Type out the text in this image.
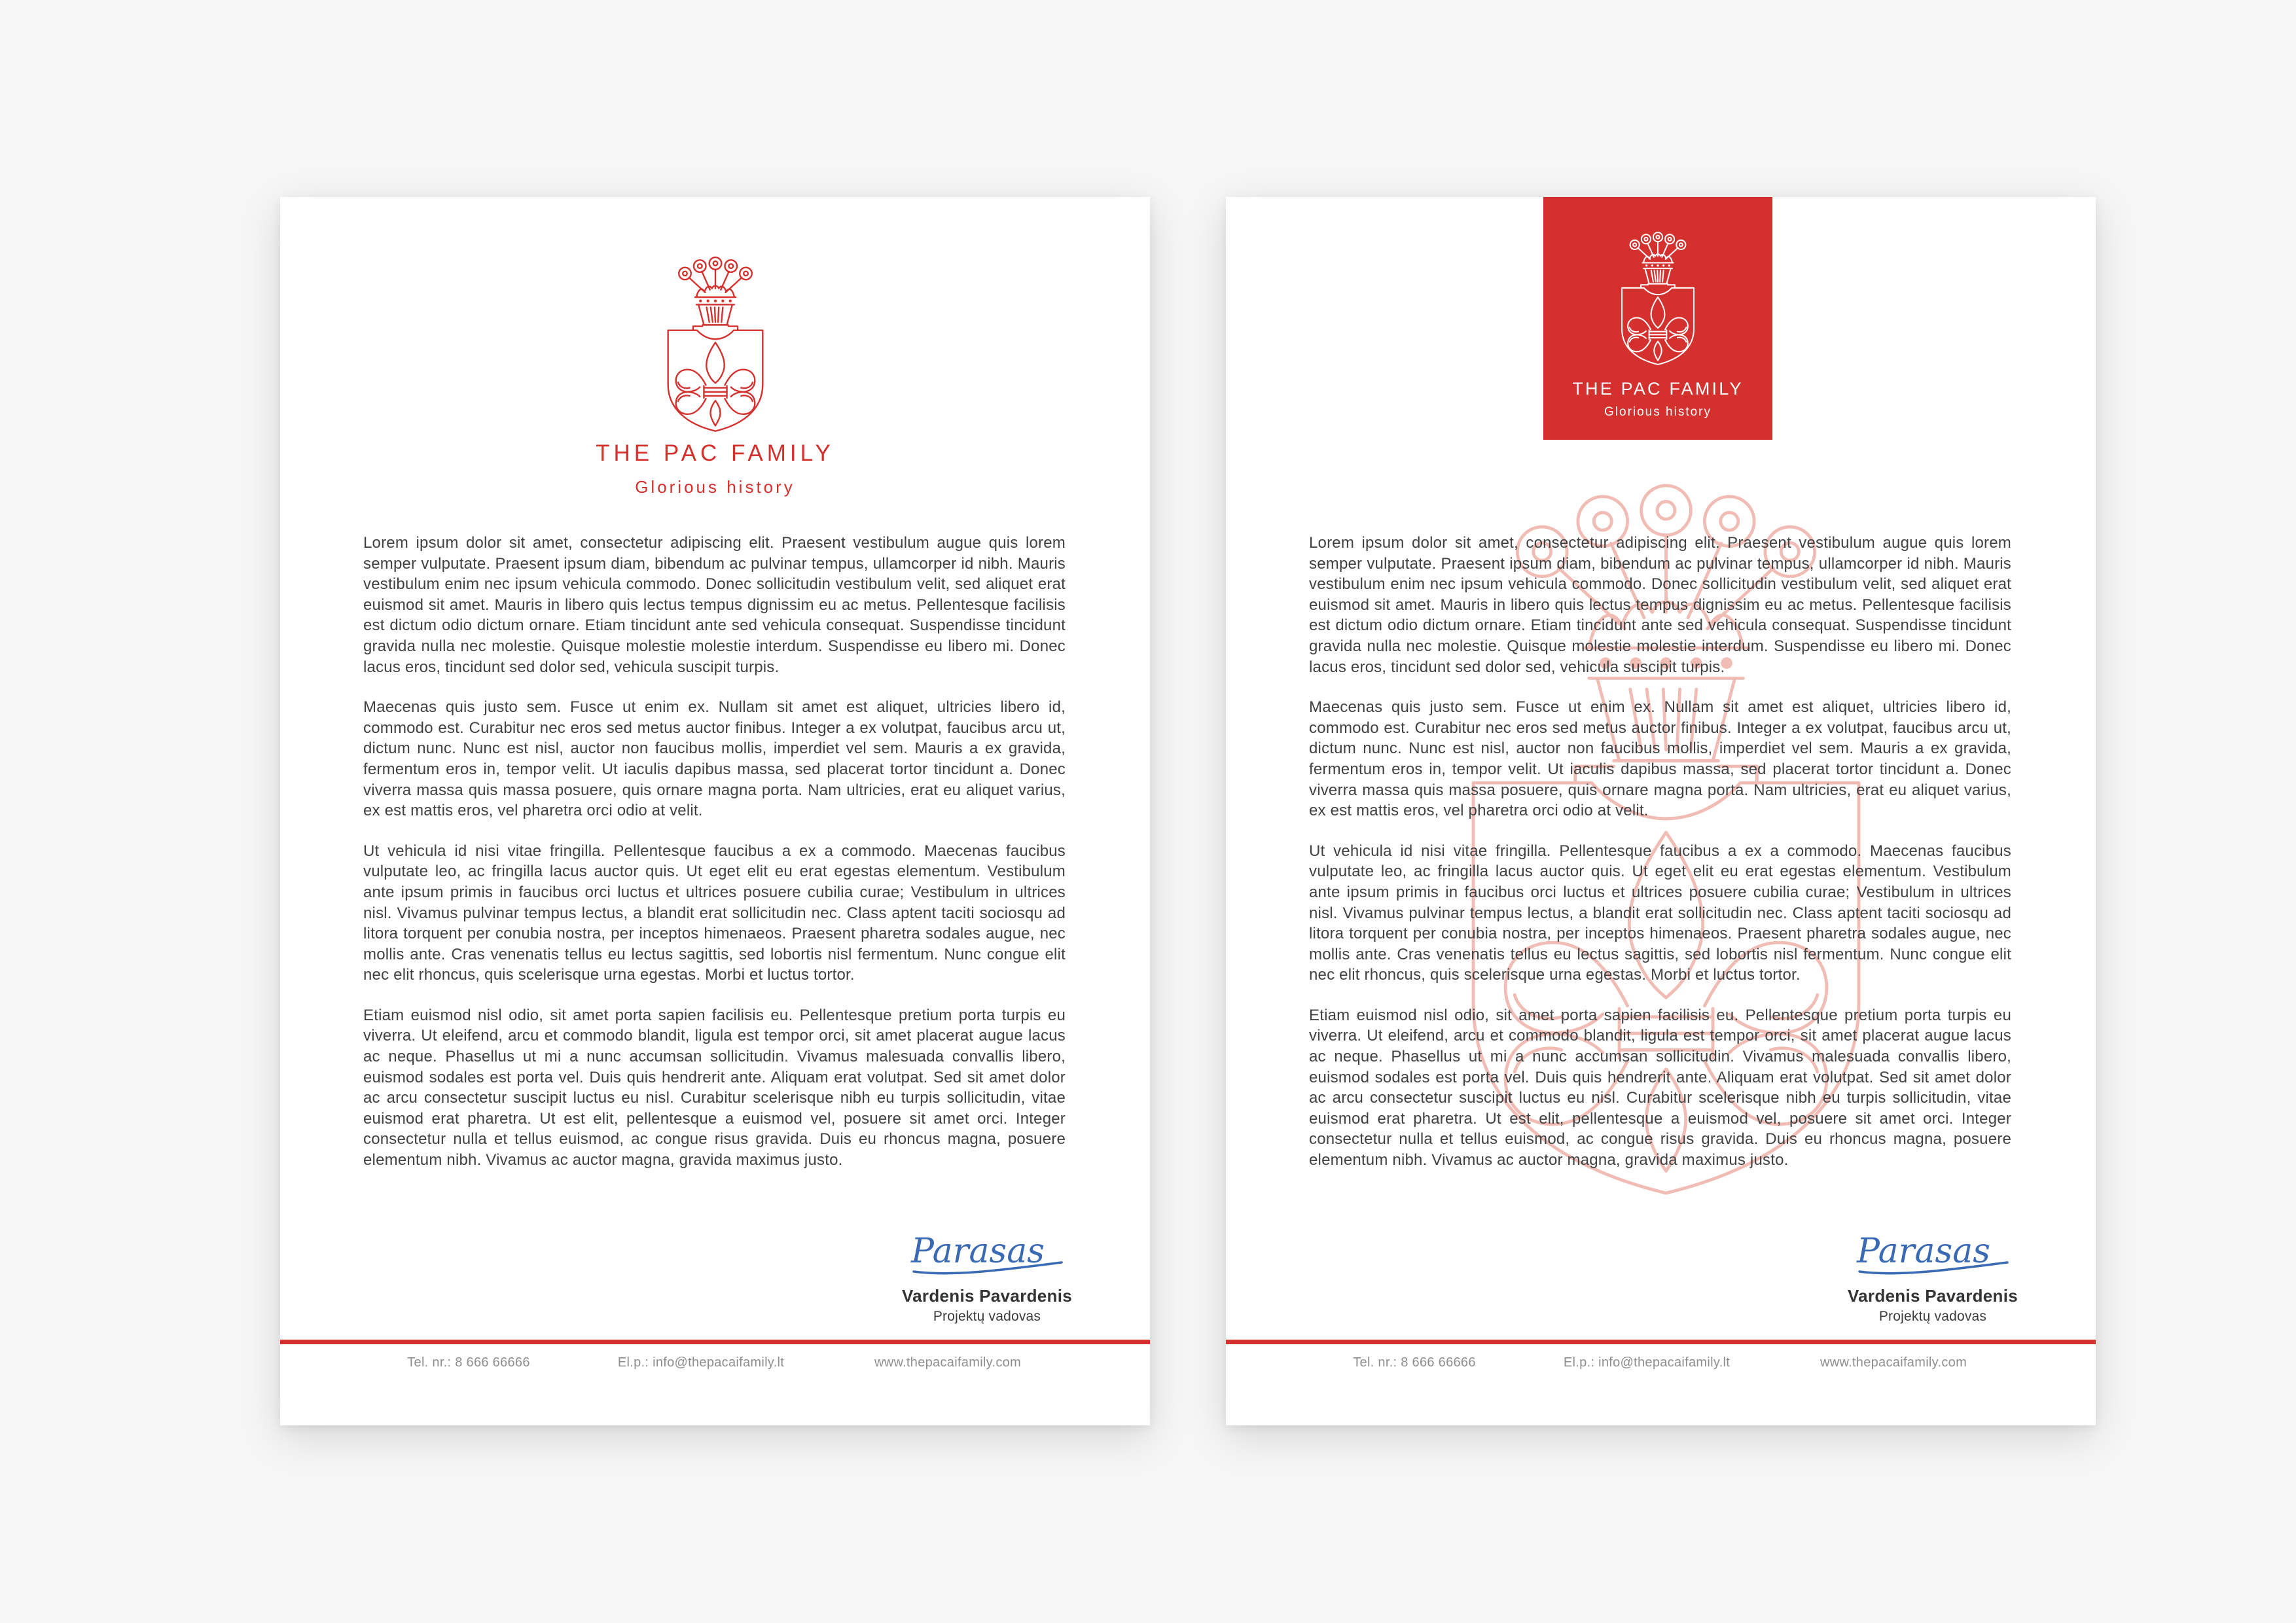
THE PAC FAMILY
Glorious history

Lorem ipsum dolor sit amet, consectetur adipiscing elit. Praesent vestibulum augue quis lorem semper vulputate. Praesent ipsum diam, bibendum ac pulvinar tempus, ullamcorper id nibh. Mauris vestibulum enim nec ipsum vehicula commodo. Donec sollicitudin vestibulum velit, sed aliquet erat euismod sit amet. Mauris in libero quis lectus tempus dignissim eu ac metus. Pellentesque facilisis est dictum odio dictum ornare. Etiam tincidunt ante sed vehicula consequat. Suspendisse tincidunt gravida nulla nec molestie. Quisque molestie molestie interdum. Suspendisse eu libero mi. Donec lacus eros, tincidunt sed dolor sed, vehicula suscipit turpis.

Maecenas quis justo sem. Fusce ut enim ex. Nullam sit amet est aliquet, ultricies libero id, commodo est. Curabitur nec eros sed metus auctor finibus. Integer a ex volutpat, faucibus arcu ut, dictum nunc. Nunc est nisl, auctor non faucibus mollis, imperdiet vel sem. Mauris a ex gravida, fermentum eros in, tempor velit. Ut iaculis dapibus massa, sed placerat tortor tincidunt a. Donec viverra massa quis massa posuere, quis ornare magna porta. Nam ultricies, erat eu aliquet varius, ex est mattis eros, vel pharetra orci odio at velit.

Ut vehicula id nisi vitae fringilla. Pellentesque faucibus a ex a commodo. Maecenas faucibus vulputate leo, ac fringilla lacus auctor quis. Ut eget elit eu erat egestas elementum. Vestibulum ante ipsum primis in faucibus orci luctus et ultrices posuere cubilia curae; Vestibulum in ultrices nisl. Vivamus pulvinar tempus lectus, a blandit erat sollicitudin nec. Class aptent taciti sociosqu ad litora torquent per conubia nostra, per inceptos himenaeos. Praesent pharetra sodales augue, nec mollis ante. Cras venenatis tellus eu lectus sagittis, sed lobortis nisl fermentum. Nunc congue elit nec elit rhoncus, quis scelerisque urna egestas. Morbi et luctus tortor.

Etiam euismod nisl odio, sit amet porta sapien facilisis eu. Pellentesque pretium porta turpis eu viverra. Ut eleifend, arcu et commodo blandit, ligula est tempor orci, sit amet placerat augue lacus ac neque. Phasellus ut mi a nunc accumsan sollicitudin. Vivamus malesuada convallis libero, euismod sodales est porta vel. Duis quis hendrerit ante. Aliquam erat volutpat. Sed sit amet dolor ac arcu consectetur suscipit luctus eu nisl. Curabitur scelerisque nibh eu turpis sollicitudin, vitae euismod erat pharetra. Ut est elit, pellentesque a euismod vel, posuere sit amet orci. Integer consectetur nulla et tellus euismod, ac congue risus gravida. Duis eu rhoncus magna, posuere elementum nibh. Vivamus ac auctor magna, gravida maximus justo.

Parasas
Vardenis Pavardenis
Projektų vadovas
Tel. nr.: 8 666 66666	El.p.: info@thepacaifamily.lt	www.thepacaifamily.com
THE PAC FAMILY
Glorious history

Lorem ipsum dolor sit amet, consectetur adipiscing elit. Praesent vestibulum augue quis lorem semper vulputate. Praesent ipsum diam, bibendum ac pulvinar tempus, ullamcorper id nibh. Mauris vestibulum enim nec ipsum vehicula commodo. Donec sollicitudin vestibulum velit, sed aliquet erat euismod sit amet. Mauris in libero quis lectus tempus dignissim eu ac metus. Pellentesque facilisis est dictum odio dictum ornare. Etiam tincidunt ante sed vehicula consequat. Suspendisse tincidunt gravida nulla nec molestie. Quisque molestie molestie interdum. Suspendisse eu libero mi. Donec lacus eros, tincidunt sed dolor sed, vehicula suscipit turpis.

Maecenas quis justo sem. Fusce ut enim ex. Nullam sit amet est aliquet, ultricies libero id, commodo est. Curabitur nec eros sed metus auctor finibus. Integer a ex volutpat, faucibus arcu ut, dictum nunc. Nunc est nisl, auctor non faucibus mollis, imperdiet vel sem. Mauris a ex gravida, fermentum eros in, tempor velit. Ut iaculis dapibus massa, sed placerat tortor tincidunt a. Donec viverra massa quis massa posuere, quis ornare magna porta. Nam ultricies, erat eu aliquet varius, ex est mattis eros, vel pharetra orci odio at velit.

Ut vehicula id nisi vitae fringilla. Pellentesque faucibus a ex a commodo. Maecenas faucibus vulputate leo, ac fringilla lacus auctor quis. Ut eget elit eu erat egestas elementum. Vestibulum ante ipsum primis in faucibus orci luctus et ultrices posuere cubilia curae; Vestibulum in ultrices nisl. Vivamus pulvinar tempus lectus, a blandit erat sollicitudin nec. Class aptent taciti sociosqu ad litora torquent per conubia nostra, per inceptos himenaeos. Praesent pharetra sodales augue, nec mollis ante. Cras venenatis tellus eu lectus sagittis, sed lobortis nisl fermentum. Nunc congue elit nec elit rhoncus, quis scelerisque urna egestas. Morbi et luctus tortor.

Etiam euismod nisl odio, sit amet porta sapien facilisis eu. Pellentesque pretium porta turpis eu viverra. Ut eleifend, arcu et commodo blandit, ligula est tempor orci, sit amet placerat augue lacus ac neque. Phasellus ut mi a nunc accumsan sollicitudin. Vivamus malesuada convallis libero, euismod sodales est porta vel. Duis quis hendrerit ante. Aliquam erat volutpat. Sed sit amet dolor ac arcu consectetur suscipit luctus eu nisl. Curabitur scelerisque nibh eu turpis sollicitudin, vitae euismod erat pharetra. Ut est elit, pellentesque a euismod vel, posuere sit amet orci. Integer consectetur nulla et tellus euismod, ac congue risus gravida. Duis eu rhoncus magna, posuere elementum nibh. Vivamus ac auctor magna, gravida maximus justo.

Parasas
Vardenis Pavardenis
Projektų vadovas
Tel. nr.: 8 666 66666	El.p.: info@thepacaifamily.lt	www.thepacaifamily.com
